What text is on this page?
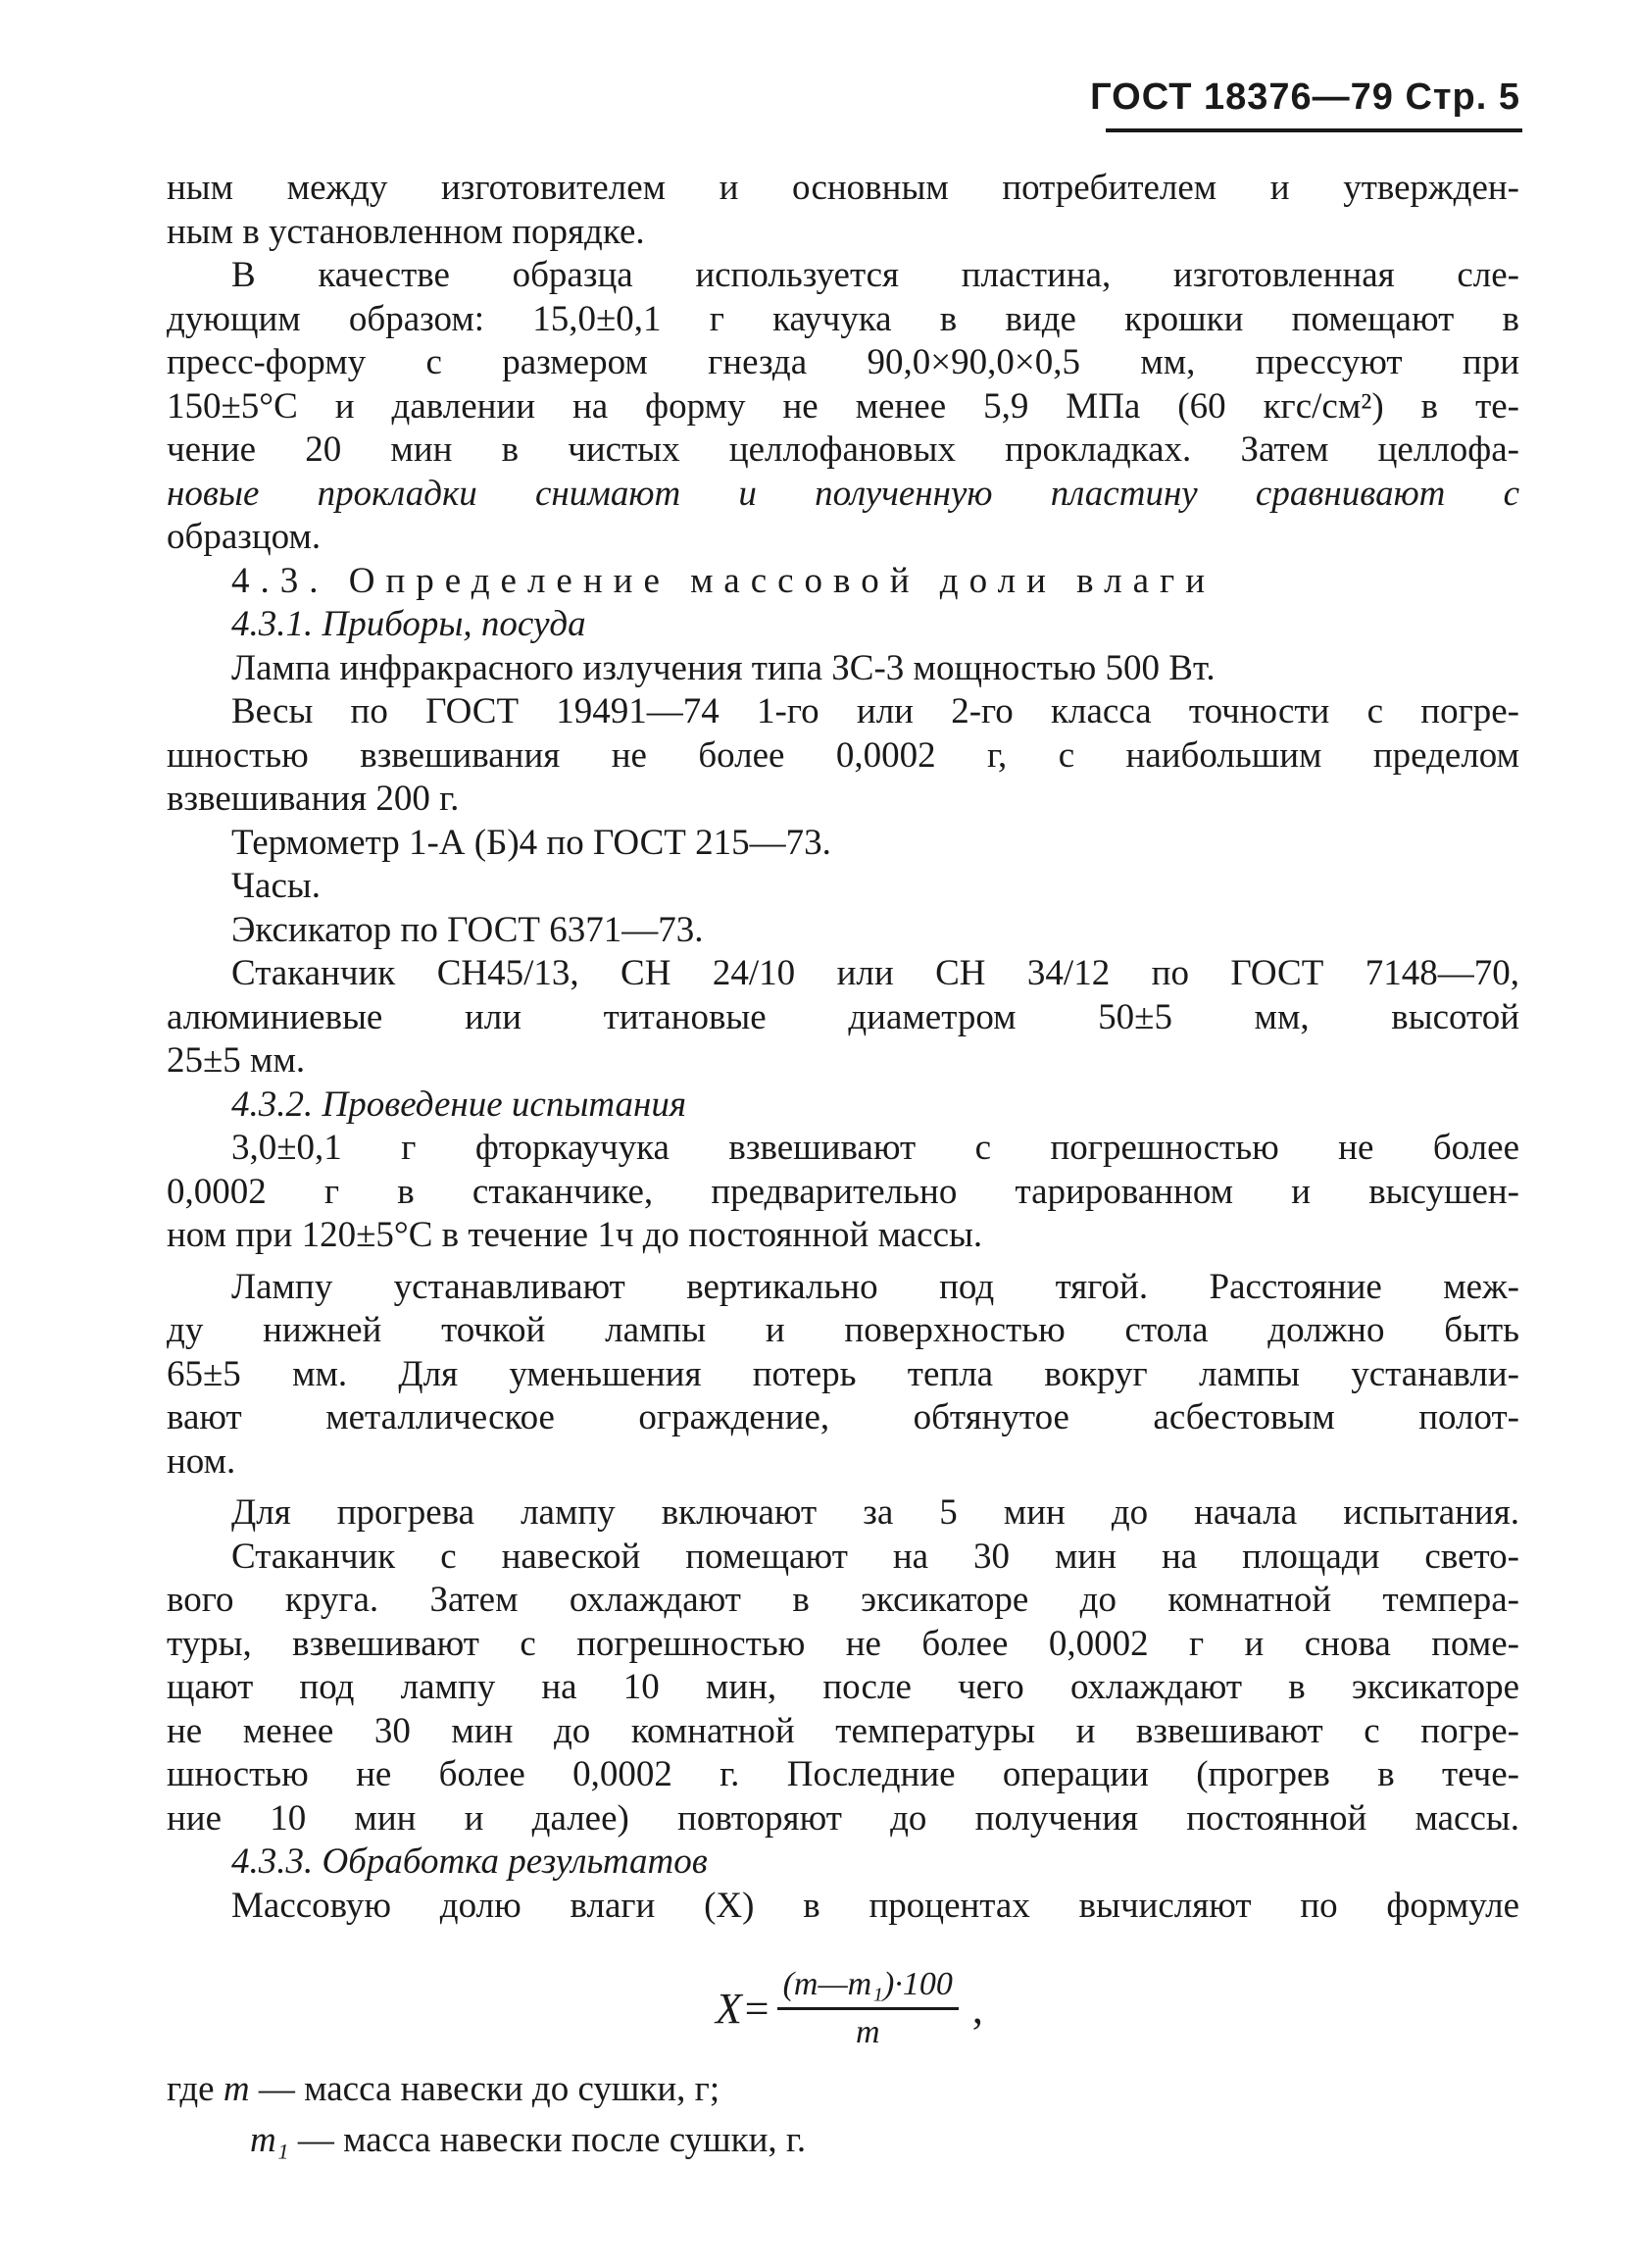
ГОСТ 18376—79 Стр. 5
ным между изготовителем и основным потребителем и утвержден-
ным в установленном порядке.
В качестве образца используется пластина, изготовленная сле-
дующим образом: 15,0±0,1 г каучука в виде крошки помещают в
пресс-форму с размером гнезда 90,0×90,0×0,5 мм, прессуют при
150±5°С и давлении на форму не менее 5,9 МПа (60 кгс/см²) в те-
чение 20 мин в чистых целлофановых прокладках. Затем целлофа-
новые прокладки снимают и полученную пластину сравнивают с
образцом.
4.3. Определение массовой доли влаги
4.3.1. Приборы, посуда
Лампа инфракрасного излучения типа ЗС-3 мощностью 500 Вт.
Весы по ГОСТ 19491—74 1-го или 2-го класса точности с погре-
шностью взвешивания не более 0,0002 г, с наибольшим пределом
взвешивания 200 г.
Термометр 1-А (Б)4 по ГОСТ 215—73.
Часы.
Эксикатор по ГОСТ 6371—73.
Стаканчик СН45/13, СН 24/10 или СН 34/12 по ГОСТ 7148—70,
алюминиевые или титановые диаметром 50±5 мм, высотой
25±5 мм.
4.3.2. Проведение испытания
3,0±0,1 г фторкаучука взвешивают с погрешностью не более
0,0002 г в стаканчике, предварительно тарированном и высушен-
ном при 120±5°С в течение 1ч до постоянной массы.
Лампу устанавливают вертикально под тягой. Расстояние меж-
ду нижней точкой лампы и поверхностью стола должно быть
65±5 мм. Для уменьшения потерь тепла вокруг лампы устанавли-
вают металлическое ограждение, обтянутое асбестовым полот-
ном.
Для прогрева лампу включают за 5 мин до начала испытания.
Стаканчик с навеской помещают на 30 мин на площади свето-
вого круга. Затем охлаждают в эксикаторе до комнатной темпера-
туры, взвешивают с погрешностью не более 0,0002 г и снова поме-
щают под лампу на 10 мин, после чего охлаждают в эксикаторе
не менее 30 мин до комнатной температуры и взвешивают с погре-
шностью не более 0,0002 г. Последние операции (прогрев в тече-
ние 10 мин и далее) повторяют до получения постоянной массы.
4.3.3. Обработка результатов
Массовую долю влаги (X) в процентах вычисляют по формуле
$X= \frac{\text{(m—m₁)·100}}{m}$ ,
где m — масса навески до сушки, г;
m₁ — масса навески после сушки, г.
